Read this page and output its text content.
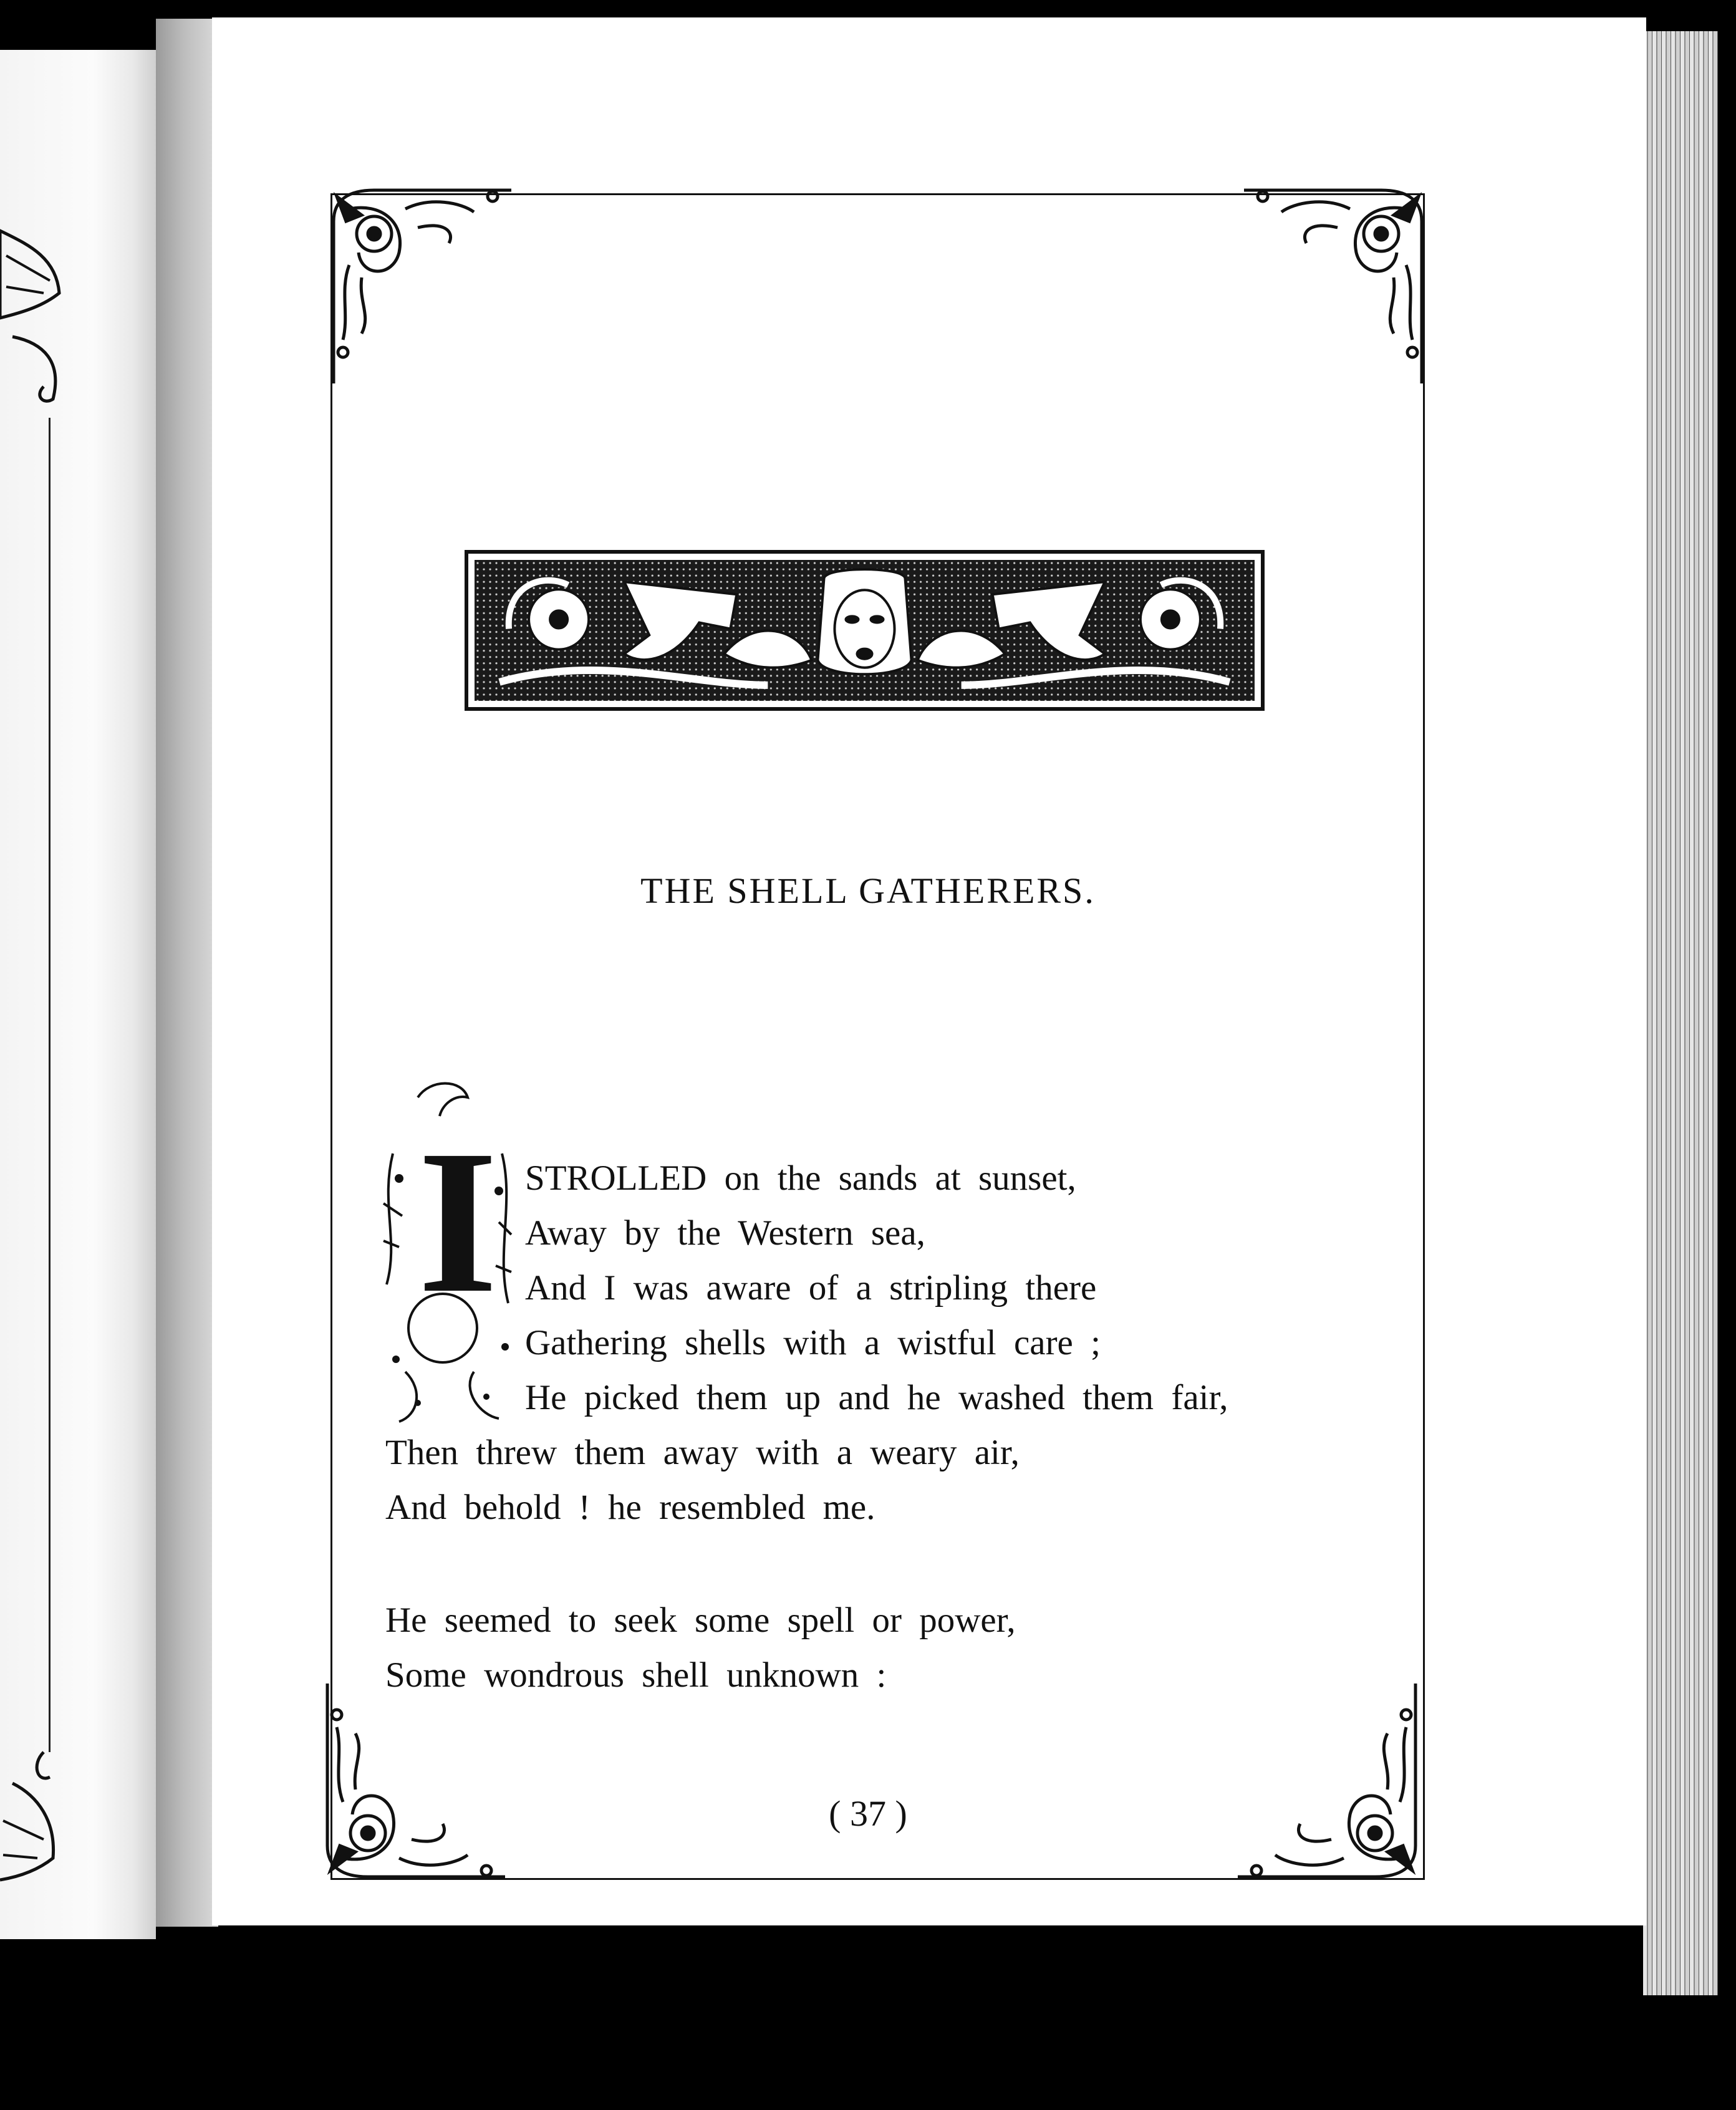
THE SHELL GATHERERS.
I STROLLED on the sands at sunset,
Away by the Western sea,
And I was aware of a stripling there
Gathering shells with a wistful care ;
He picked them up and he washed them fair,
Then threw them away with a weary air,
And behold ! he resembled me.
He seemed to seek some spell or power,
Some wondrous shell unknown :
( 37 )
